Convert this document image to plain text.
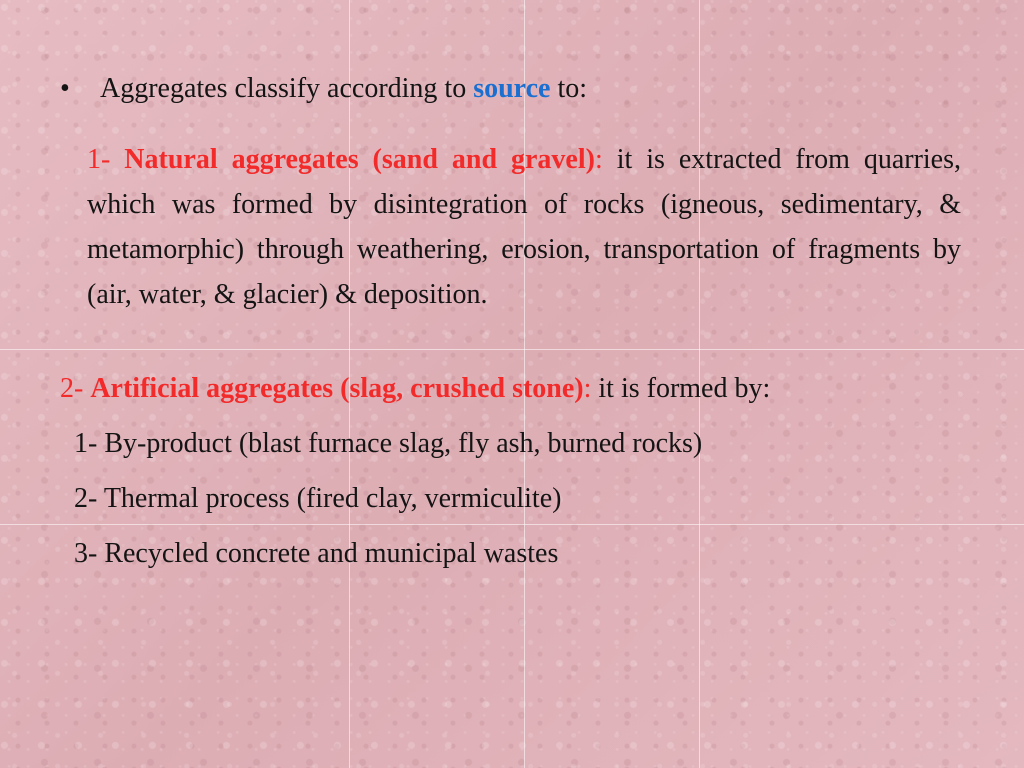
• Aggregates classify according to source to:
1- Natural aggregates (sand and gravel): it is extracted from quarries, which was formed by disintegration of rocks (igneous, sedimentary, & metamorphic) through weathering, erosion, transportation of fragments by (air, water, & glacier) & deposition.
2- Artificial aggregates (slag, crushed stone): it is formed by:
1- By-product (blast furnace slag, fly ash, burned rocks)
2- Thermal process (fired clay, vermiculite)
3- Recycled concrete and municipal wastes
